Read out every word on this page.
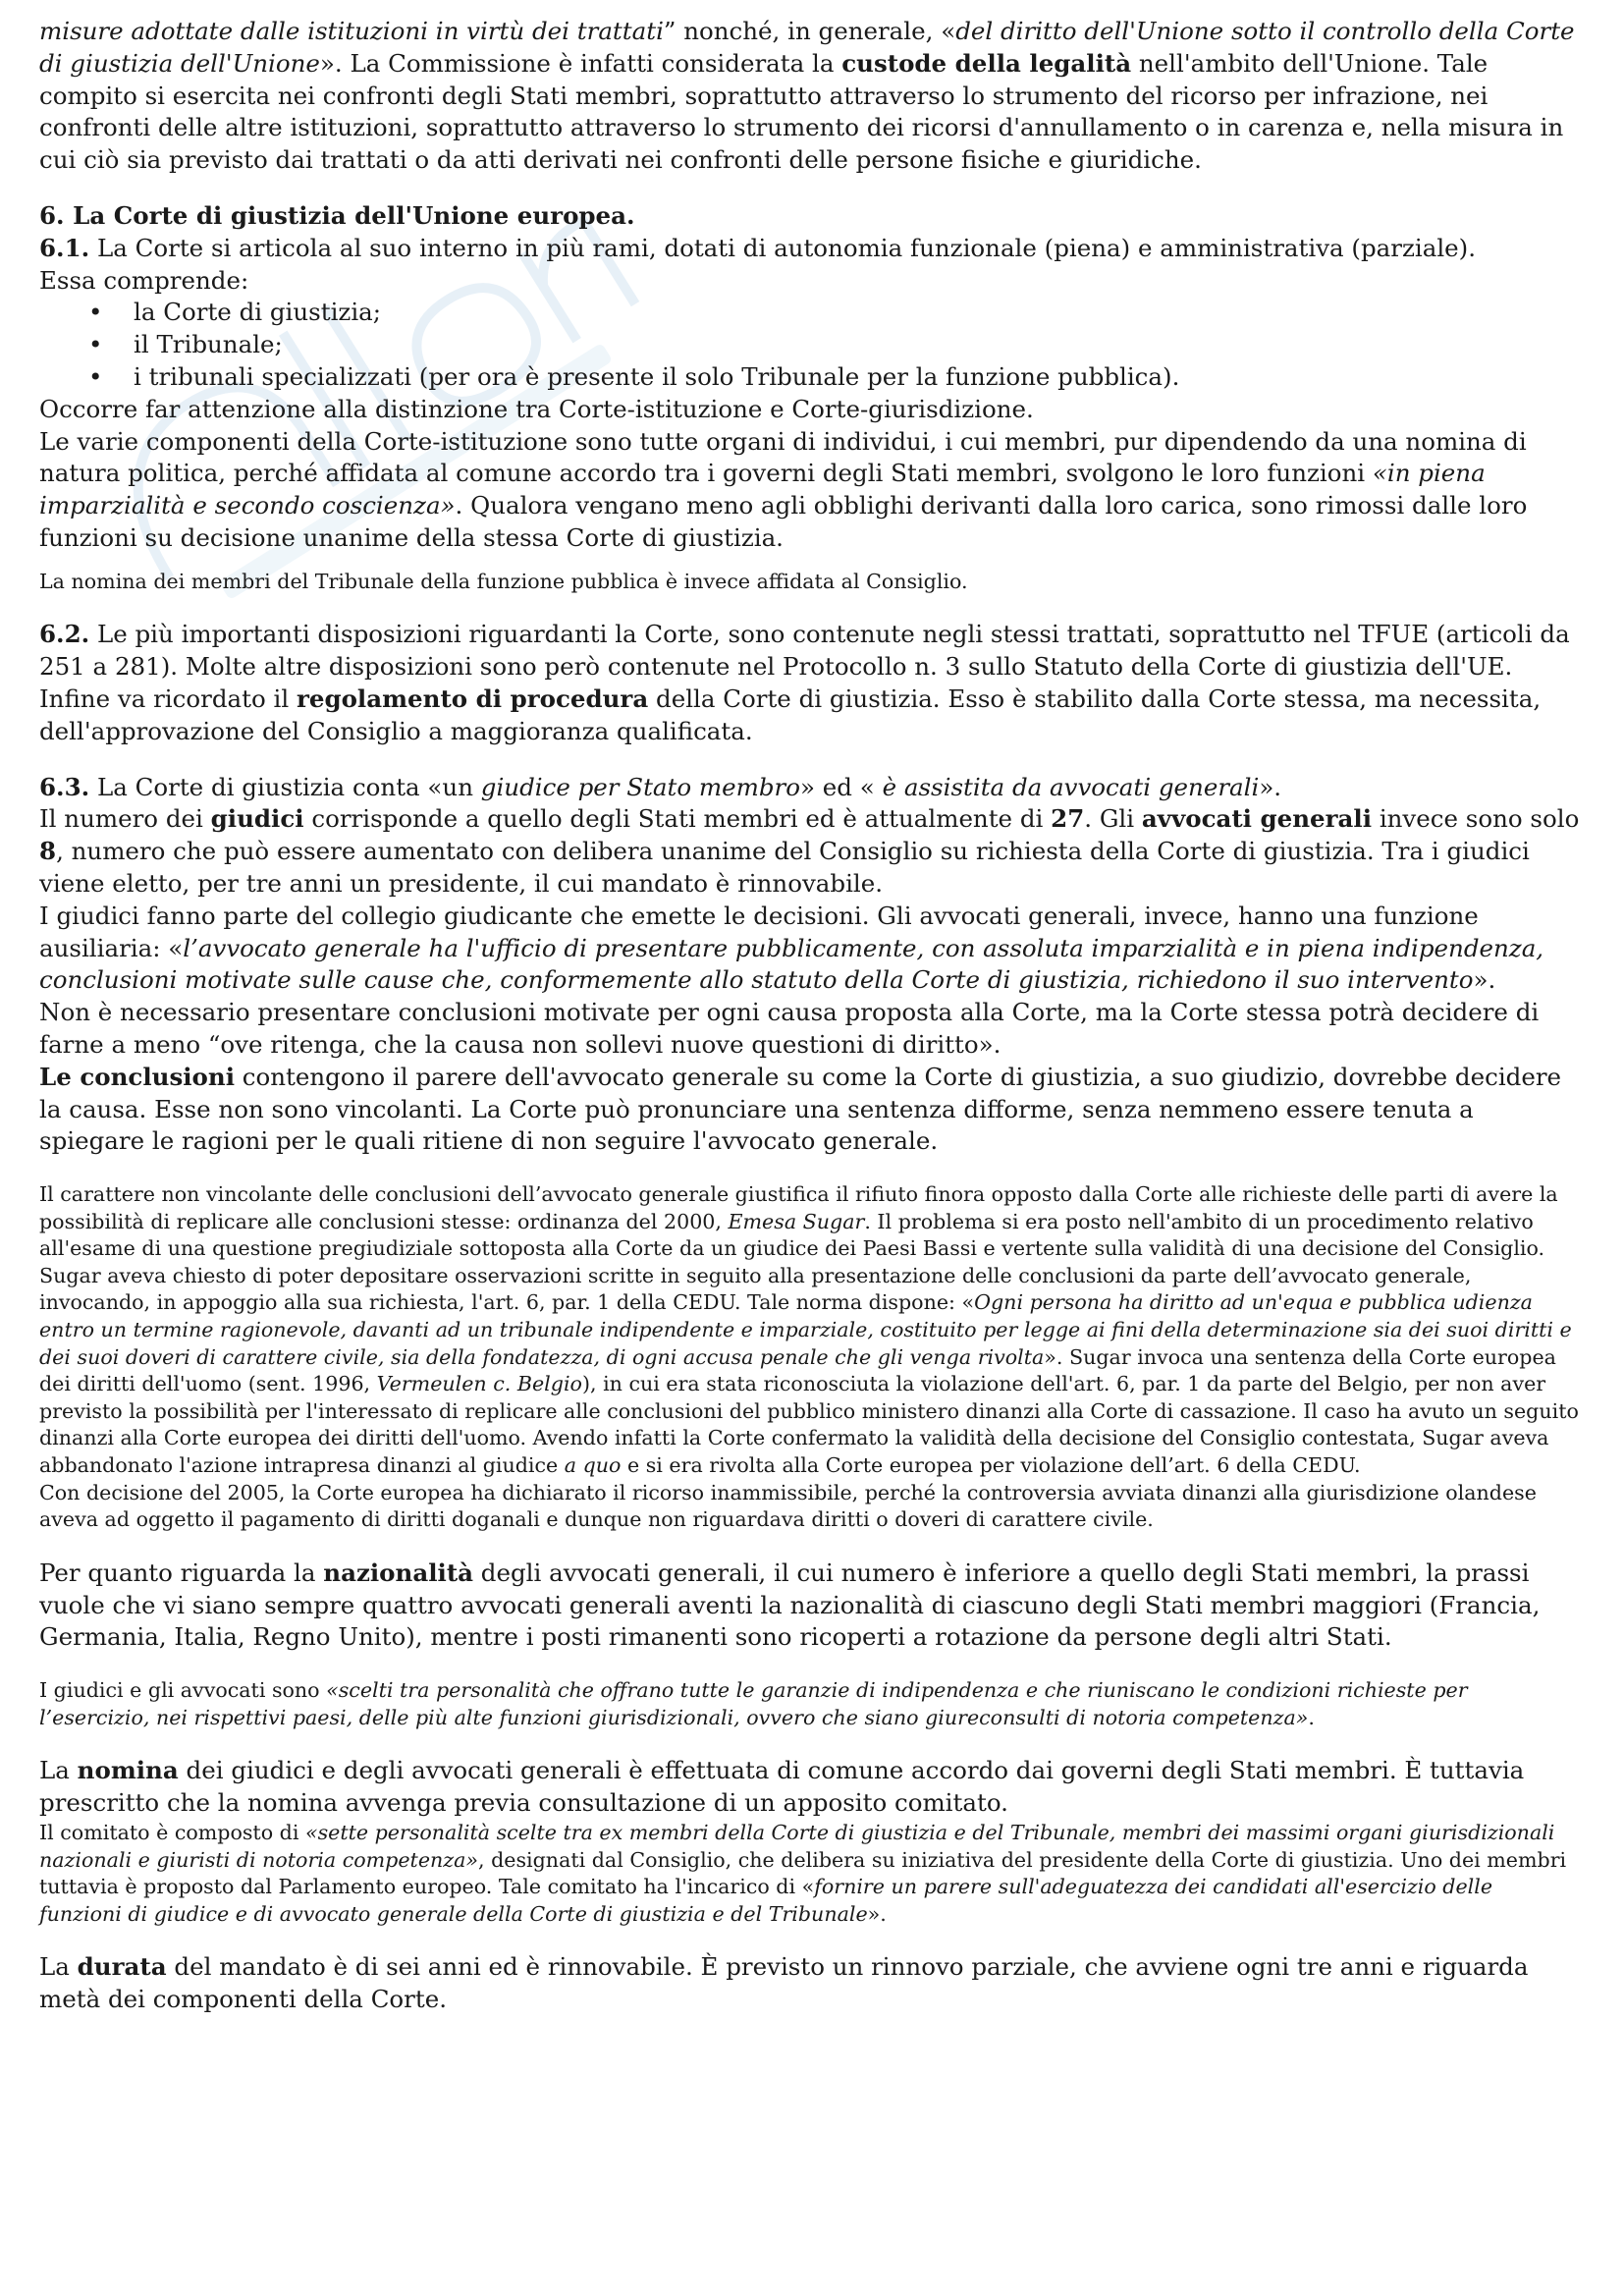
misure adottate dalle istituzioni in virtù dei trattati” nonché, in generale, «del diritto dell'Unione sotto il controllo della Corte di giustizia dell'Unione». La Commissione è infatti considerata la custode della legalità nell'ambito dell'Unione. Tale compito si esercita nei confronti degli Stati membri, soprattutto attraverso lo strumento del ricorso per infrazione, nei confronti delle altre istituzioni, soprattutto attraverso lo strumento dei ricorsi d'annullamento o in carenza e, nella misura in cui ciò sia previsto dai trattati o da atti derivati nei confronti delle persone fisiche e giuridiche.

6. La Corte di giustizia dell'Unione europea.

6.1. La Corte si articola al suo interno in più rami, dotati di autonomia funzionale (piena) e amministrativa (parziale).

Essa comprende:

• la Corte di giustizia;
• il Tribunale;
• i tribunali specializzati (per ora è presente il solo Tribunale per la funzione pubblica).

Occorre far attenzione alla distinzione tra Corte-istituzione e Corte-giurisdizione.

Le varie componenti della Corte-istituzione sono tutte organi di individui, i cui membri, pur dipendendo da una nomina di natura politica, perché affidata al comune accordo tra i governi degli Stati membri, svolgono le loro funzioni «in piena imparzialità e secondo coscienza». Qualora vengano meno agli obblighi derivanti dalla loro carica, sono rimossi dalle loro funzioni su decisione unanime della stessa Corte di giustizia.

La nomina dei membri del Tribunale della funzione pubblica è invece affidata al Consiglio.

6.2. Le più importanti disposizioni riguardanti la Corte, sono contenute negli stessi trattati, soprattutto nel TFUE (articoli da 251 a 281). Molte altre disposizioni sono però contenute nel Protocollo n. 3 sullo Statuto della Corte di giustizia dell'UE.

Infine va ricordato il regolamento di procedura della Corte di giustizia. Esso è stabilito dalla Corte stessa, ma necessita, dell'approvazione del Consiglio a maggioranza qualificata.

6.3. La Corte di giustizia conta «un giudice per Stato membro» ed « è assistita da avvocati generali».

Il numero dei giudici corrisponde a quello degli Stati membri ed è attualmente di 27. Gli avvocati generali invece sono solo 8, numero che può essere aumentato con delibera unanime del Consiglio su richiesta della Corte di giustizia. Tra i giudici viene eletto, per tre anni un presidente, il cui mandato è rinnovabile.

I giudici fanno parte del collegio giudicante che emette le decisioni. Gli avvocati generali, invece, hanno una funzione ausiliaria: «l’avvocato generale ha l'ufficio di presentare pubblicamente, con assoluta imparzialità e in piena indipendenza, conclusioni motivate sulle cause che, conformemente allo statuto della Corte di giustizia, richiedono il suo intervento».

Non è necessario presentare conclusioni motivate per ogni causa proposta alla Corte, ma la Corte stessa potrà decidere di farne a meno “ove ritenga, che la causa non sollevi nuove questioni di diritto».

Le conclusioni contengono il parere dell'avvocato generale su come la Corte di giustizia, a suo giudizio, dovrebbe decidere la causa. Esse non sono vincolanti. La Corte può pronunciare una sentenza difforme, senza nemmeno essere tenuta a spiegare le ragioni per le quali ritiene di non seguire l'avvocato generale.

Il carattere non vincolante delle conclusioni dell’avvocato generale giustifica il rifiuto finora opposto dalla Corte alle richieste delle parti di avere la possibilità di replicare alle conclusioni stesse: ordinanza del 2000, Emesa Sugar. Il problema si era posto nell'ambito di un procedimento relativo all'esame di una questione pregiudiziale sottoposta alla Corte da un giudice dei Paesi Bassi e vertente sulla validità di una decisione del Consiglio. Sugar aveva chiesto di poter depositare osservazioni scritte in seguito alla presentazione delle conclusioni da parte dell’avvocato generale, invocando, in appoggio alla sua richiesta, l'art. 6, par. 1 della CEDU. Tale norma dispone: «Ogni persona ha diritto ad un'equa e pubblica udienza entro un termine ragionevole, davanti ad un tribunale indipendente e imparziale, costituito per legge ai fini della determinazione sia dei suoi diritti e dei suoi doveri di carattere civile, sia della fondatezza, di ogni accusa penale che gli venga rivolta». Sugar invoca una sentenza della Corte europea dei diritti dell'uomo (sent. 1996, Vermeulen c. Belgio), in cui era stata riconosciuta la violazione dell'art. 6, par. 1 da parte del Belgio, per non aver previsto la possibilità per l'interessato di replicare alle conclusioni del pubblico ministero dinanzi alla Corte di cassazione. Il caso ha avuto un seguito dinanzi alla Corte europea dei diritti dell'uomo. Avendo infatti la Corte confermato la validità della decisione del Consiglio contestata, Sugar aveva abbandonato l'azione intrapresa dinanzi al giudice a quo e si era rivolta alla Corte europea per violazione dell’art. 6 della CEDU.

Con decisione del 2005, la Corte europea ha dichiarato il ricorso inammissibile, perché la controversia avviata dinanzi alla giurisdizione olandese aveva ad oggetto il pagamento di diritti doganali e dunque non riguardava diritti o doveri di carattere civile.

Per quanto riguarda la nazionalità degli avvocati generali, il cui numero è inferiore a quello degli Stati membri, la prassi vuole che vi siano sempre quattro avvocati generali aventi la nazionalità di ciascuno degli Stati membri maggiori (Francia, Germania, Italia, Regno Unito), mentre i posti rimanenti sono ricoperti a rotazione da persone degli altri Stati.

I giudici e gli avvocati sono «scelti tra personalità che offrano tutte le garanzie di indipendenza e che riuniscano le condizioni richieste per l’esercizio, nei rispettivi paesi, delle più alte funzioni giurisdizionali, ovvero che siano giureconsulti di notoria competenza».

La nomina dei giudici e degli avvocati generali è effettuata di comune accordo dai governi degli Stati membri. È tuttavia prescritto che la nomina avvenga previa consultazione di un apposito comitato.

Il comitato è composto di «sette personalità scelte tra ex membri della Corte di giustizia e del Tribunale, membri dei massimi organi giurisdizionali nazionali e giuristi di notoria competenza», designati dal Consiglio, che delibera su iniziativa del presidente della Corte di giustizia. Uno dei membri tuttavia è proposto dal Parlamento europeo. Tale comitato ha l'incarico di «fornire un parere sull'adeguatezza dei candidati all'esercizio delle funzioni di giudice e di avvocato generale della Corte di giustizia e del Tribunale».

La durata del mandato è di sei anni ed è rinnovabile. È previsto un rinnovo parziale, che avviene ogni tre anni e riguarda metà dei componenti della Corte.
